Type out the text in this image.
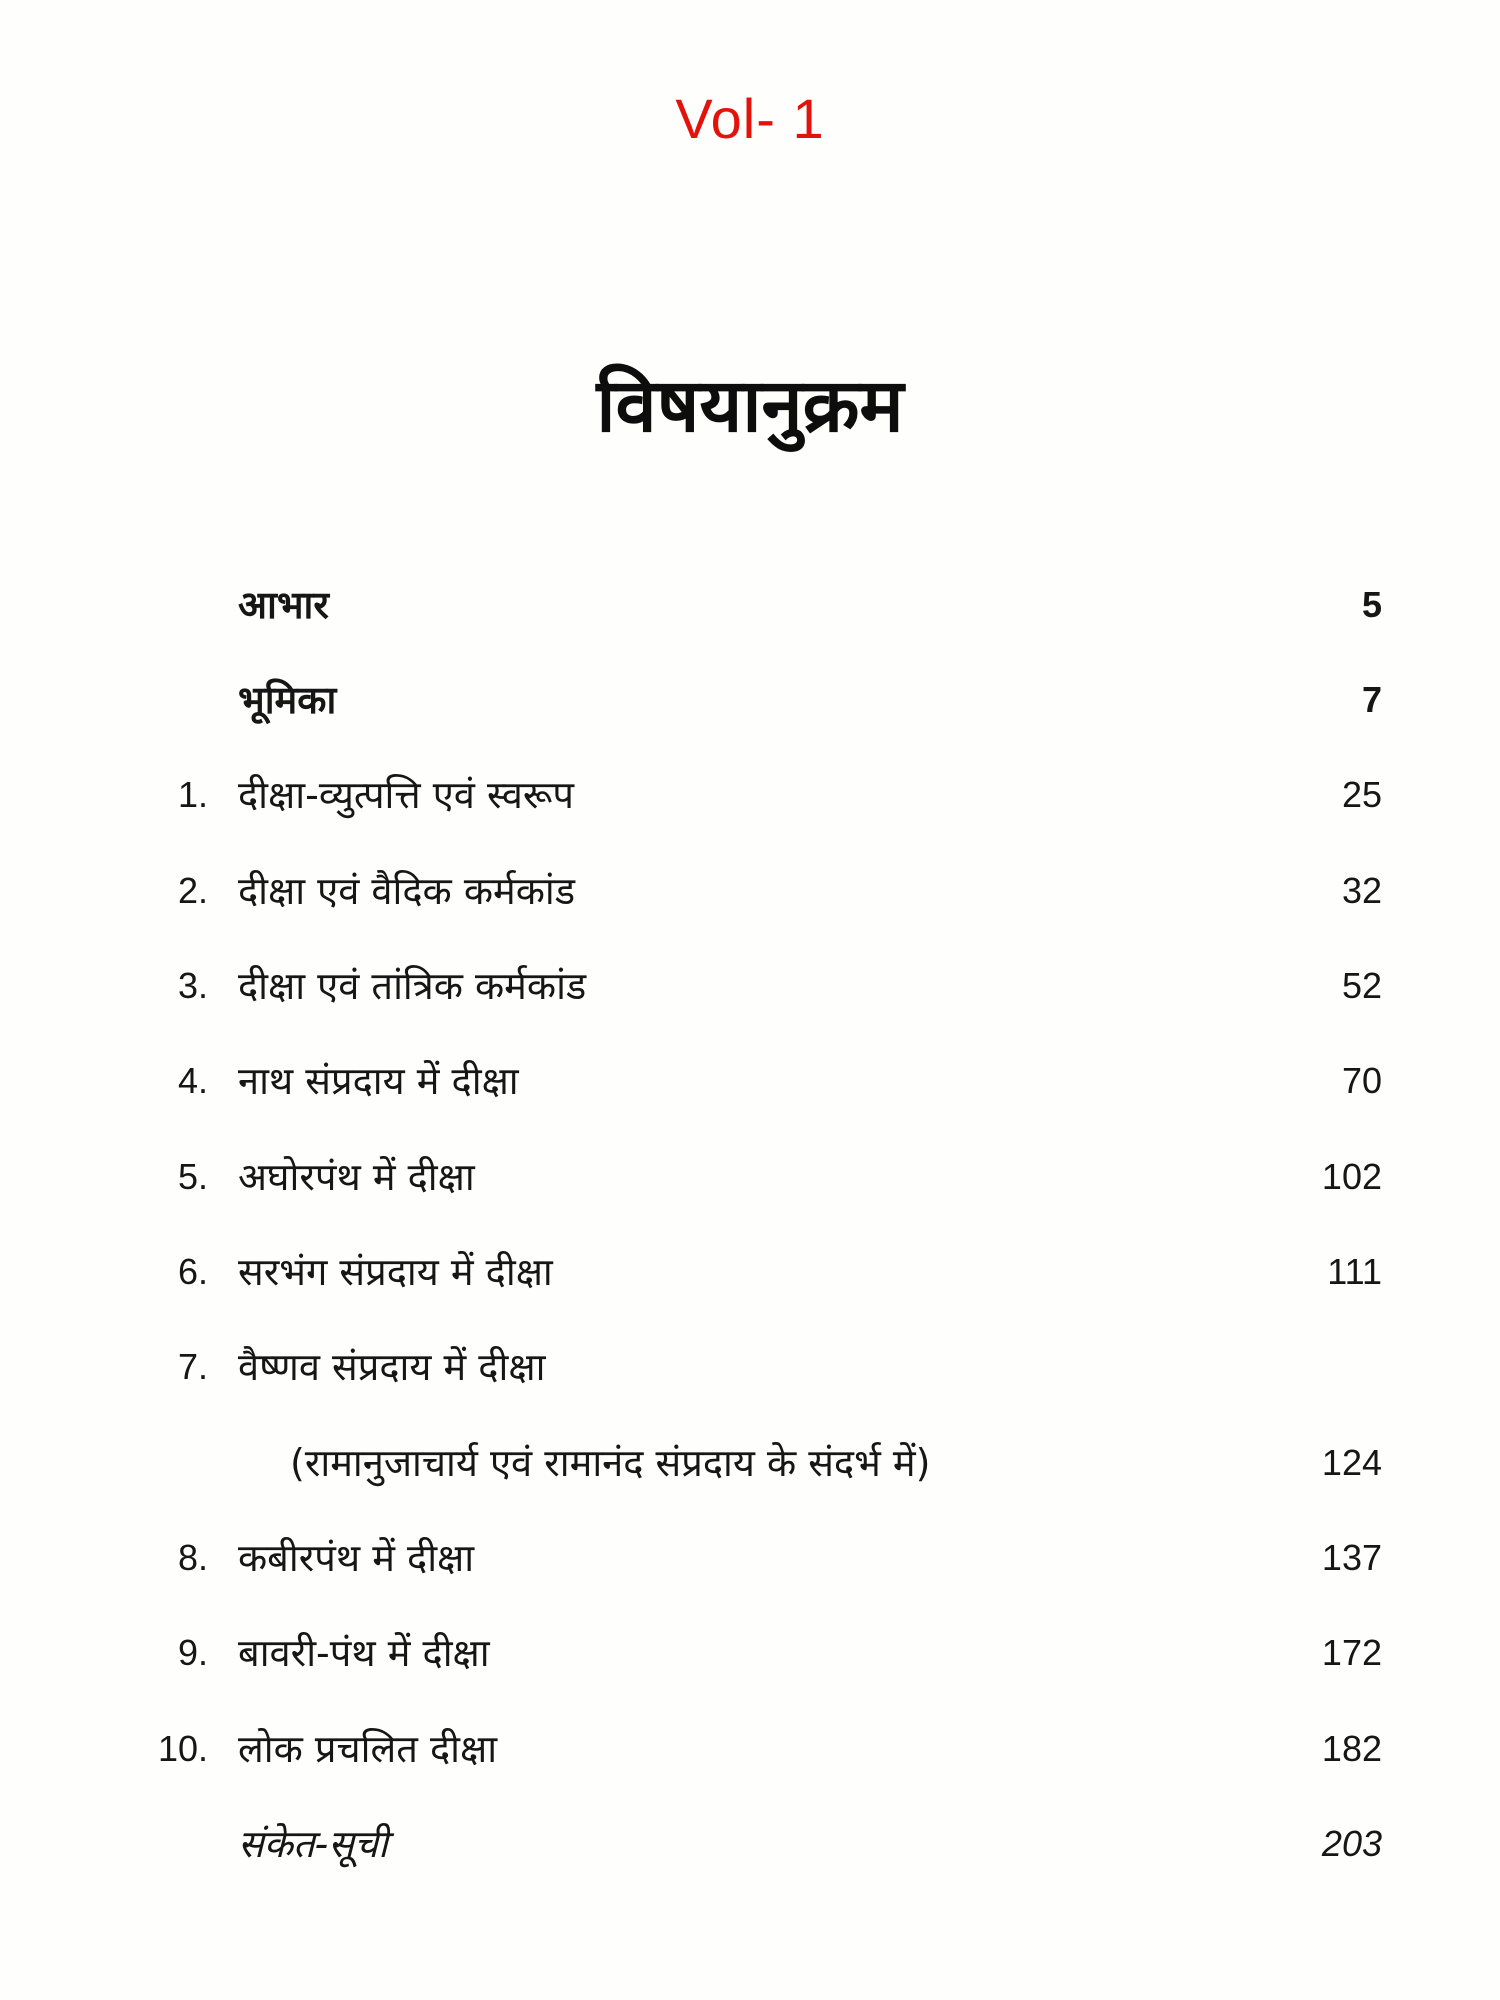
Vol- 1
विषयानुक्रम
आभार	5
भूमिका	7
1. दीक्षा-व्युत्पत्ति एवं स्वरूप	25
2. दीक्षा एवं वैदिक कर्मकांड	32
3. दीक्षा एवं तांत्रिक कर्मकांड	52
4. नाथ संप्रदाय में दीक्षा	70
5. अघोरपंथ में दीक्षा	102
6. सरभंग संप्रदाय में दीक्षा	111
7. वैष्णव संप्रदाय में दीक्षा
(रामानुजाचार्य एवं रामानंद संप्रदाय के संदर्भ में)	124
8. कबीरपंथ में दीक्षा	137
9. बावरी-पंथ में दीक्षा	172
10. लोक प्रचलित दीक्षा	182
संकेत-सूची	203
